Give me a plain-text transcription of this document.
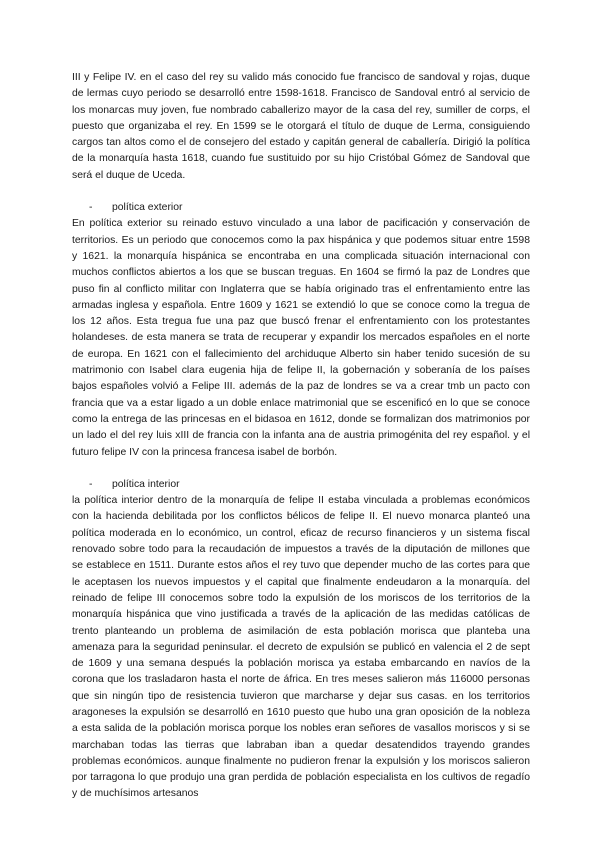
III y Felipe IV. en el caso del rey su valido más conocido fue francisco de sandoval y rojas, duque de lermas cuyo periodo se desarrolló entre 1598-1618. Francisco de Sandoval entró al servicio de los monarcas muy joven, fue nombrado caballerizo mayor de la casa del rey, sumiller de corps, el puesto que organizaba el rey. En 1599 se le otorgará el título de duque de Lerma, consiguiendo cargos tan altos como el de consejero del estado y capitán general de caballería. Dirigió la política de la monarquía hasta 1618, cuando fue sustituido por su hijo Cristóbal Gómez de Sandoval que será el duque de Uceda.

-	política exterior

En política exterior su reinado estuvo vinculado a una labor de pacificación y conservación de territorios. Es un periodo que conocemos como la pax hispánica y que podemos situar entre 1598 y 1621. la monarquía hispánica se encontraba en una complicada situación internacional con muchos conflictos abiertos a los que se buscan treguas. En 1604 se firmó la paz de Londres que puso fin al conflicto militar con Inglaterra que se había originado tras el enfrentamiento entre las armadas inglesa y española. Entre 1609 y 1621 se extendió lo que se conoce como la tregua de los 12 años. Esta tregua fue una paz que buscó frenar el enfrentamiento con los protestantes holandeses. de esta manera se trata de recuperar y expandir los mercados españoles en el norte de europa. En 1621 con el fallecimiento del archiduque Alberto sin haber tenido sucesión de su matrimonio con Isabel clara eugenia hija de felipe II, la gobernación y soberanía de los países bajos españoles volvió a Felipe III. además de la paz de londres se va a crear tmb un pacto con francia que va a estar ligado a un doble enlace matrimonial que se escenificó en lo que se conoce como la entrega de las princesas en el bidasoa en 1612, donde se formalizan dos matrimonios por un lado el del rey luis xIII de francia con la infanta ana de austria primogénita del rey español. y el futuro felipe IV con la princesa francesa isabel de borbón.

-	política interior

la política interior dentro de la monarquía de felipe II estaba vinculada a problemas económicos con la hacienda debilitada por los conflictos bélicos de felipe II. El nuevo monarca planteó una política moderada en lo económico, un control, eficaz de recurso financieros y un sistema fiscal renovado sobre todo para la recaudación de impuestos a través de la diputación de millones que se establece en 1511. Durante estos años el rey tuvo que depender mucho de las cortes para que le aceptasen los nuevos impuestos y el capital que finalmente endeudaron a la monarquía. del reinado de felipe III conocemos sobre todo la expulsión de los moriscos de los territorios de la monarquía hispánica que vino justificada a través de la aplicación de las medidas católicas de trento planteando un problema de asimilación de esta población morisca que planteba una amenaza para la seguridad peninsular. el decreto de expulsión se publicó en valencia el 2 de sept de 1609 y una semana después la población morisca ya estaba embarcando en navíos de la corona que los trasladaron hasta el norte de áfrica. En tres meses salieron más 116000 personas que sin ningún tipo de resistencia tuvieron que marcharse y dejar sus casas. en los territorios aragoneses la expulsión se desarrolló en 1610 puesto que hubo una gran oposición de la nobleza a esta salida de la población morisca porque los nobles eran señores de vasallos moriscos y si se marchaban todas las tierras que labraban iban a quedar desatendidos trayendo grandes problemas económicos. aunque finalmente no pudieron frenar la expulsión y los moriscos salieron por tarragona lo que produjo una gran perdida de población especialista en los cultivos de regadío y de muchísimos artesanos
